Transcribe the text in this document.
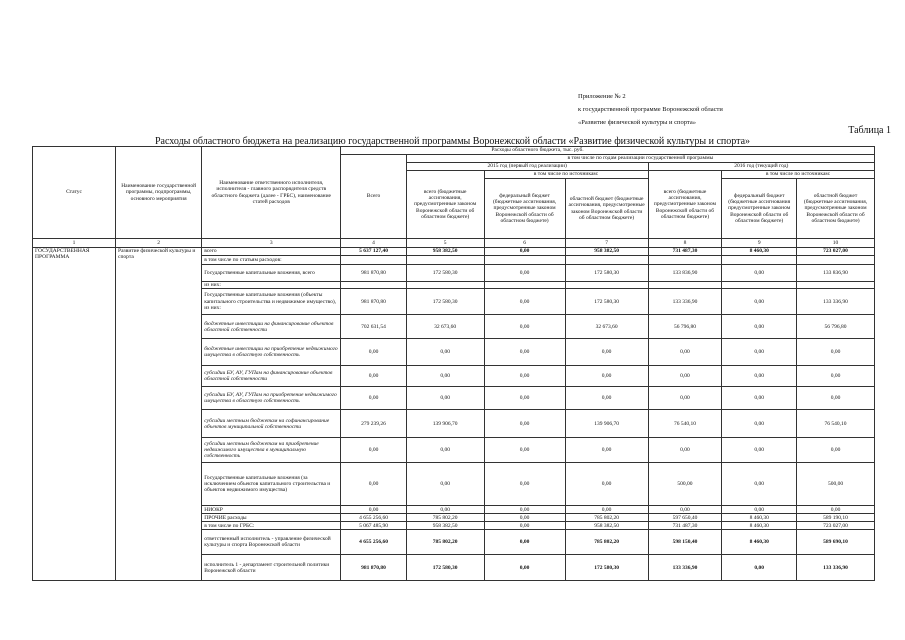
Приложение № 2
к государственной программе Воронежской области
«Развитие физической культуры и спорта»
Таблица 1
Расходы областного бюджета на реализацию государственной программы Воронежской области «Развитие физической культуры и спорта»
Статус	Наименование государственной программы, подпрограммы, основного мероприятия	Наименование ответственного исполнителя, исполнителя - главного распорядителя средств областного бюджета (далее - ГРБС), наименование статей расходов	Расходы областного бюджета, тыс. руб.						
			Всего	в том числе по годам реализации государственной программы					
				2015 год (первый год реализации)			2016 год (текущий год)		
				всего (бюджетные ассигнования, предусмотренные законом Воронежской области об областном бюджете)	в том числе по источникам:		всего (бюджетные ассигнования, предусмотренные законом Воронежской области об областном бюджете)	в том числе по источникам:	
					федеральный бюджет (бюджетные ассигнования, предусмотренные законом Воронежской области об областном бюджете)	областной бюджет (бюджетные ассигнования, предусмотренные законом Воронежской области об областном бюджете)		федеральный бюджет (бюджетные ассигнования предусмотренные законом Воронежской области об областном бюджете)	областной бюджет (бюджетные ассигнования, предусмотренные законом Воронежской области об областном бюджете)
1	2	3	4	5	6	7	8	9	10
ГОСУДАРСТВЕННАЯ ПРОГРАММА	Развитие физической культуры и спорта	всего	5 637 127,40	958 382,50	0,00	958 382,50	731 487,30	8 460,30	723 027,00
		в том числе по статьям расходов:							
		Государственные капитальные вложения, всего	981 870,80	172 580,30	0,00	172 580,30	133 836,90	0,00	133 836,90
		из них:							
		Государственные капитальные вложения (объекты капитального строительства и недвижимое имущество), из них:	981 870,80	172 580,30	0,00	172 580,30	133 336,90	0,00	133 336,90
		бюджетные инвестиции на финансирование объектов областной собственности	702 631,54	32 673,60	0,00	32 673,60	56 796,80	0,00	56 796,80
		бюджетные инвестиции на приобретение недвижимого имущества в областную собственность	0,00	0,00	0,00	0,00	0,00	0,00	0,00
		субсидии БУ, АУ, ГУПам на финансирование объектов областной собственности	0,00	0,00	0,00	0,00	0,00	0,00	0,00
		субсидии БУ, АУ, ГУПам на приобретение недвижимого имущества в областную собственность	0,00	0,00	0,00	0,00	0,00	0,00	0,00
		субсидии местным бюджетам на софинансирование объектов муниципальной собственности	279 239,26	139 906,70	0,00	139 906,70	76 540,10	0,00	76 540,10
		субсидии местным бюджетам на приобретение недвижимого имущества в муниципальную собственность	0,00	0,00	0,00	0,00	0,00	0,00	0,00
		Государственные капитальные вложения (за исключением объектов капитального строительства и объектов недвижимого имущества)	0,00	0,00	0,00	0,00	500,00	0,00	500,00
		НИОКР	0,00	0,00	0,00	0,00	0,00	0,00	0,00
		ПРОЧИЕ расходы	4 655 256,60	785 802,20	0,00	785 802,20	597 650,40	8 460,30	589 190,10
		в том числе по ГРБС:	5 067 485,90	958 382,50	0,00	958 382,50	731 487,30	8 460,30	723 027,00
		ответственный исполнитель - управление физической культуры и спорта Воронежской области	4 655 256,60	785 802,20	0,00	785 802,20	598 150,40	8 460,30	589 690,10
		исполнитель 1 - департамент строительной политики Воронежской области	981 870,80	172 580,30	0,00	172 580,30	133 336,90	0,00	133 336,90
